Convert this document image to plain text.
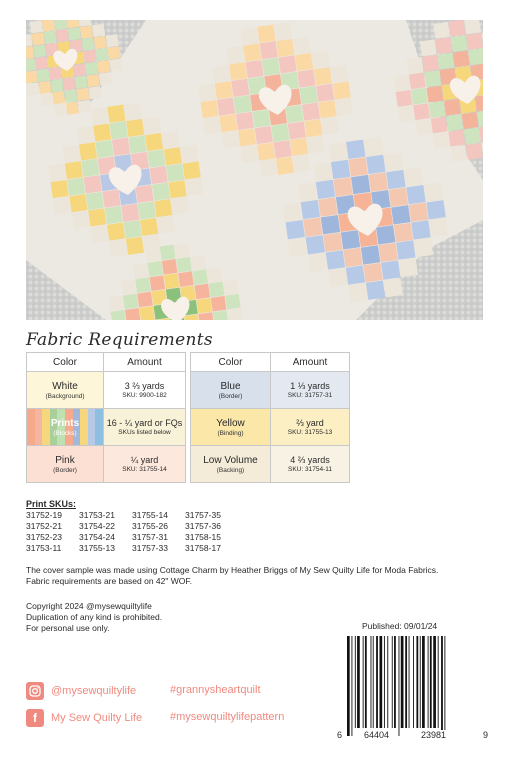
Fabric Requirements
Color	Amount

White
(Background)	3 ⅔ yards
SKU: 9900-182

Prints
(Blocks)	16 - ¼ yard or FQs
SKUs listed below

Pink
(Border)	¼ yard
SKU: 31755-14
Color	Amount

Blue
(Border)	1 ⅓ yards
SKU: 31757-31

Yellow
(Binding)	⅔ yard
SKU: 31755-13

Low Volume
(Backing)	4 ⅔ yards
SKU: 31754-11
Print SKUs:
31752-19	31753-21	31755-14	31757-35
31752-21	31754-22	31755-26	31757-36
31752-23	31754-24	31757-31	31758-15
31753-11	31755-13	31757-33	31758-17
The cover sample was made using Cottage Charm by Heather Briggs of My Sew Quilty Life for Moda Fabrics. Fabric requirements are based on 42" WOF.
Copyright 2024 @mysewquiltylife
Duplication of any kind is prohibited.
For personal use only.	Published: 09/01/24
6 64404	23981	9
@mysewquiltylife
f	My Sew Quilty Life
#grannysheartquilt
#mysewquiltylifepattern
